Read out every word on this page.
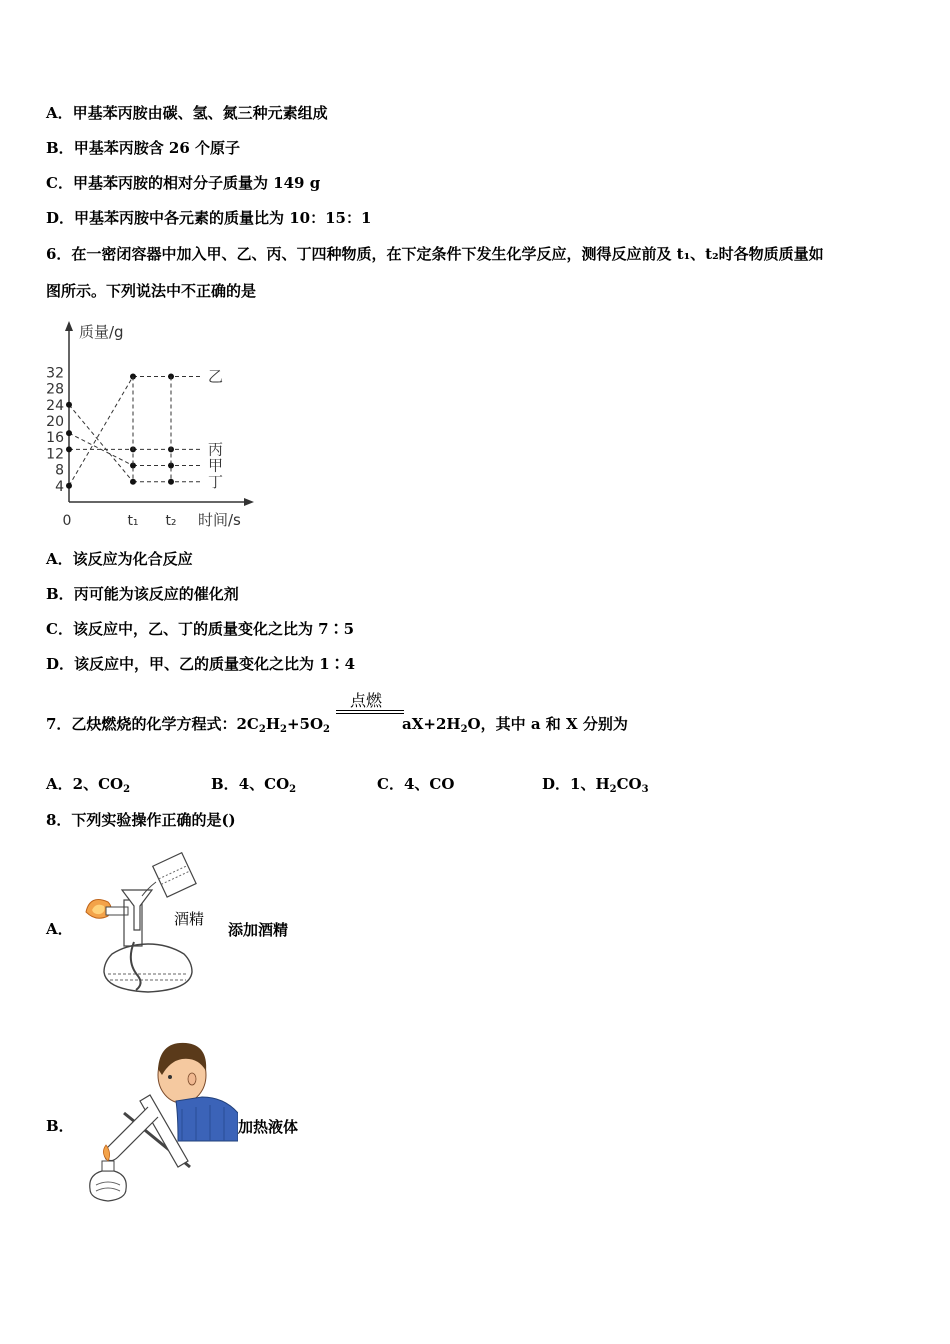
A．甲基苯丙胺由碳、氢、氮三种元素组成
B．甲基苯丙胺含 26 个原子
C．甲基苯丙胺的相对分子质量为 149 g
D．甲基苯丙胺中各元素的质量比为 10：15：1
6．在一密闭容器中加入甲、乙、丙、丁四种物质，在下定条件下发生化学反应，测得反应前及 t₁、t₂时各物质质量如
图所示。下列说法中不正确的是
质量/g
时间/s
4
8
12
16
20
24
28
32
0	t₁ t₂
乙
丙
甲
丁
A．该反应为化合反应
B．丙可能为该反应的催化剂
C．该反应中，乙、丁的质量变化之比为 7∶5
D．该反应中，甲、乙的质量变化之比为 1∶4
7．乙炔燃烧的化学方程式：$2C_2H_2+5O_2$	$aX+2H_2O$，其中 a 和 X 分别为
点燃
A．2、$CO_2$	B．4、$CO_2$	C．4、CO	D．1、$H_2CO_3$
8．下列实验操作正确的是()
A．
酒精
添加酒精
B．	加热液体
